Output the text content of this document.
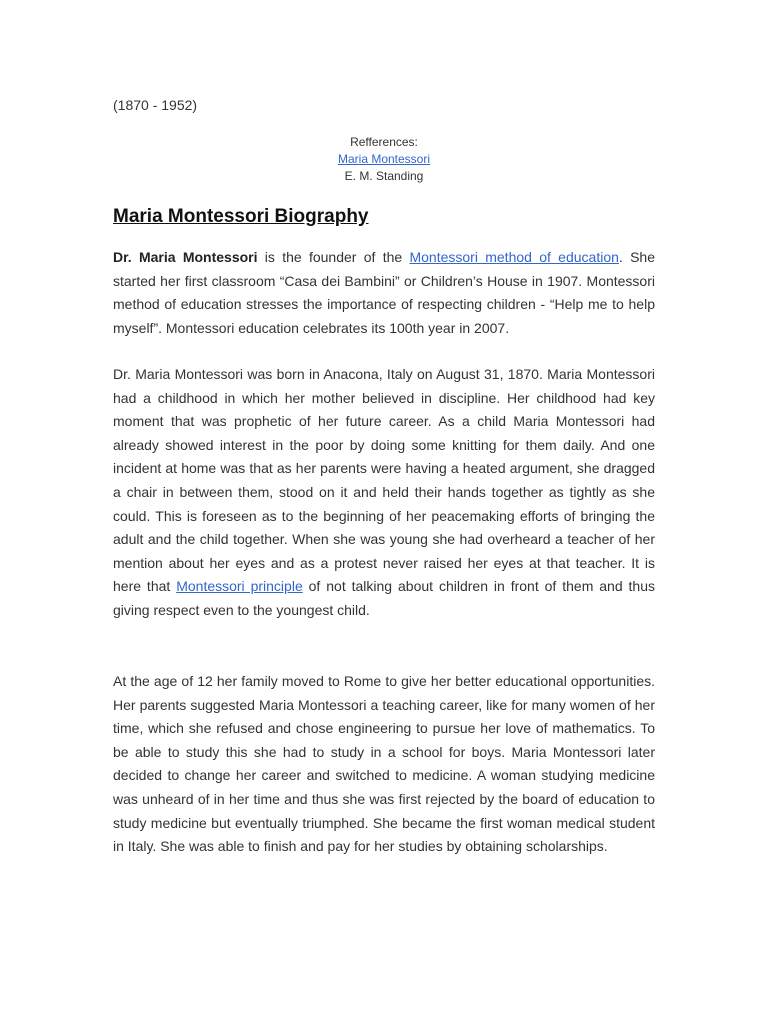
(1870 - 1952)
Refferences:
Maria Montessori
E. M. Standing
Maria Montessori Biography

Dr. Maria Montessori is the founder of the Montessori method of education. She started her first classroom “Casa dei Bambini” or Children’s House in 1907. Montessori method of education stresses the importance of respecting children - “Help me to help myself”. Montessori education celebrates its 100th year in 2007.

Dr. Maria Montessori was born in Anacona, Italy on August 31, 1870. Maria Montessori had a childhood in which her mother believed in discipline. Her childhood had key moment that was prophetic of her future career. As a child Maria Montessori had already showed interest in the poor by doing some knitting for them daily. And one incident at home was that as her parents were having a heated argument, she dragged a chair in between them, stood on it and held their hands together as tightly as she could. This is foreseen as to the beginning of her peacemaking efforts of bringing the adult and the child together. When she was young she had overheard a teacher of her mention about her eyes and as a protest never raised her eyes at that teacher. It is here that Montessori principle of not talking about children in front of them and thus giving respect even to the youngest child.

At the age of 12 her family moved to Rome to give her better educational opportunities. Her parents suggested Maria Montessori a teaching career, like for many women of her time, which she refused and chose engineering to pursue her love of mathematics. To be able to study this she had to study in a school for boys. Maria Montessori later decided to change her career and switched to medicine. A woman studying medicine was unheard of in her time and thus she was first rejected by the board of education to study medicine but eventually triumphed. She became the first woman medical student in Italy. She was able to finish and pay for her studies by obtaining scholarships.
